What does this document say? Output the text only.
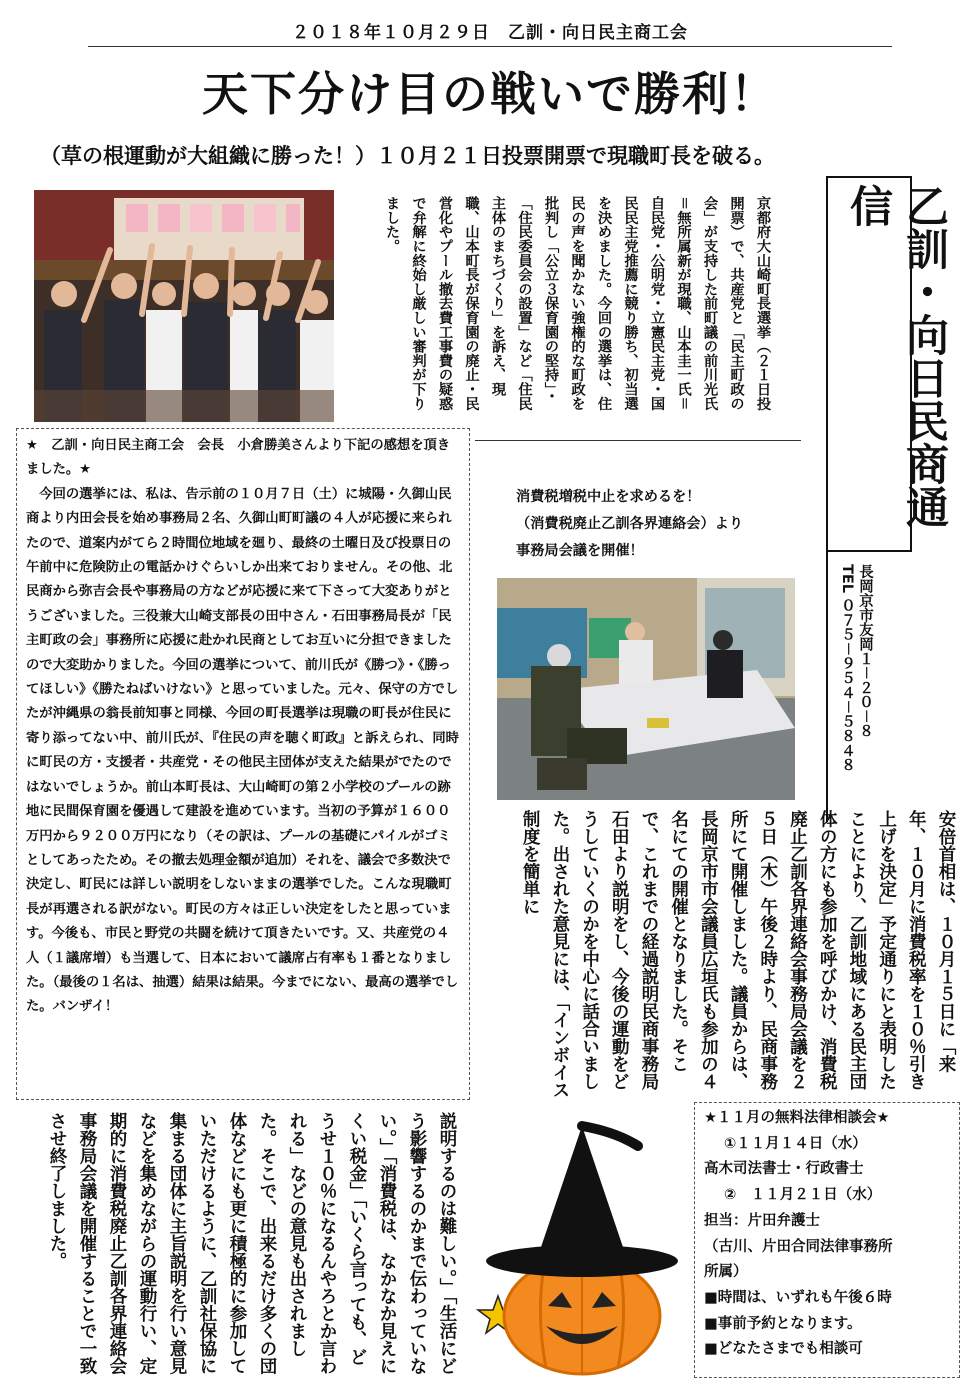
２０１８年１０月２９日　乙訓・向日民主商工会
天下分け目の戦いで勝利！
（草の根運動が大組織に勝った！）１０月２１日投票開票で現職町長を破る。
京都府大山崎町長選挙（２１日投開票）で、共産党と「民主町政の会」が支持した前町議の前川光氏＝無所属新が現職、山本圭一氏＝自民党・公明党・立憲民主党・国民民主党推薦に競り勝ち、初当選を決めました。今回の選挙は、住民の声を聞かない強権的な町政を批判し「公立３保育園の堅持」・「住民委員会の設置」など「住民主体のまちづくり」を訴え、現職、山本町長が保育園の廃止・民営化やプール撤去費工事費の疑惑で弁解に終始し厳しい審判が下りました。	乙訓・向日民商通信
長岡京市友岡１－２０－８
TEL ０７５－９５４－５８４８

★　乙訓・向日民主商工会　会長　小倉勝美さんより下記の感想を頂きました。★

　今回の選挙には、私は、告示前の１０月７日（土）に城陽・久御山民商より内田会長を始め事務局２名、久御山町町議の４人が応援に来られたので、道案内がてら２時間位地域を廻り、最終の土曜日及び投票日の午前中に危険防止の電話かけぐらいしか出来ておりません。その他、北民商から弥吉会長や事務局の方などが応援に来て下さって大変ありがとうございました。三役兼大山崎支部長の田中さん・石田事務局長が「民主町政の会」事務所に応援に赴かれ民商としてお互いに分担できましたので大変助かりました。今回の選挙について、前川氏が《勝つ》・《勝ってほしい》《勝たねばいけない》と思っていました。元々、保守の方でしたが沖縄県の翁長前知事と同様、今回の町長選挙は現職の町長が住民に寄り添ってない中、前川氏が、『住民の声を聴く町政』と訴えられ、同時に町民の方・支援者・共産党・その他民主団体が支えた結果がでたのではないでしょうか。前山本町長は、大山崎町の第２小学校のプールの跡地に民間保育園を優遇して建設を進めています。当初の予算が１６００万円から９２００万円になり（その訳は、プールの基礎にパイルがゴミとしてあったため。その撤去処理金額が追加）それを、議会で多数決で決定し、町民には詳しい説明をしないままの選挙でした。こんな現職町長が再選される訳がない。町民の方々は正しい決定をしたと思っています。今後も、市民と野党の共闘を続けて頂きたいです。又、共産党の４人（１議席増）も当選して、日本において議席占有率も１番となりました。（最後の１名は、抽選）結果は結果。今までにない、最高の選挙でした。バンザイ！

消費税増税中止を求めるを！
（消費税廃止乙訓各界連絡会）より
事務局会議を開催！
安倍首相は、１０月１５日に「来年、１０月に消費税率を１０％引き上げを決定」予定通りにと表明したことにより、乙訓地域にある民主団体の方にも参加を呼びかけ、消費税廃止乙訓各界連絡会事務局会議を２５日（木）午後２時より、民商事務所にて開催しました。議員からは、長岡京市市会議員広垣氏も参加の４名にての開催となりました。そこで、これまでの経過説明民商事務局石田より説明をし、今後の運動をどうしていくのかを中心に話合いました。出された意見には、「インボイス制度を簡単に
説明するのは難しい。」「生活にどう影響するのかまで伝わっていない。」「消費税は、なかなか見えにくい税金」「いくら言っても、どうせ１０％になるんやろとか言われる」などの意見も出されました。そこで、出来るだけ多くの団体などにも更に積極的に参加していただけるように、乙訓社保協に集まる団体に主旨説明を行い意見などを集めながらの運動行い、定期的に消費税廃止乙訓各界連絡会事務局会議を開催することで一致させ終了しました。	★１１月の無料法律相談会★
①１１月１４日（水）
高木司法書士・行政書士
②　１１月２１日（水）
担当：片田弁護士
（古川、片田合同法律事務所
所属）
■時間は、いずれも午後６時
■事前予約となります。
■どなたさまでも相談可
